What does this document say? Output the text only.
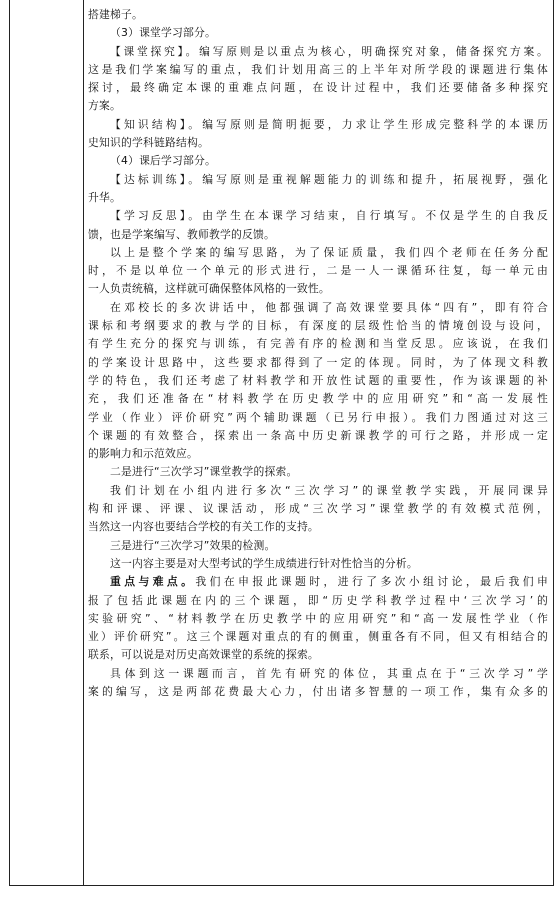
搭建梯子。
（3）课堂学习部分。
【课堂探究】。编写原则是以重点为核心，明确探究对象，储备探究方案。
这是我们学案编写的重点，我们计划用高三的上半年对所学段的课题进行集体
探讨，最终确定本课的重难点问题，在设计过程中，我们还要储备多种探究
方案。
【知识结构】。编写原则是简明扼要，力求让学生形成完整科学的本课历
史知识的学科链路结构。
（4）课后学习部分。
【达标训练】。编写原则是重视解题能力的训练和提升，拓展视野，强化
升华。
【学习反思】。由学生在本课学习结束，自行填写。不仅是学生的自我反
馈，也是学案编写、教师教学的反馈。
以上是整个学案的编写思路，为了保证质量，我们四个老师在任务分配
时，不是以单位一个单元的形式进行，二是一人一课循环往复，每一单元由
一人负责统稿，这样就可确保整体风格的一致性。
在邓校长的多次讲话中，他都强调了高效课堂要具体“四有”，即有符合
课标和考纲要求的教与学的目标，有深度的层级性恰当的情境创设与设问，
有学生充分的探究与训练，有完善有序的检测和当堂反思。应该说，在我们
的学案设计思路中，这些要求都得到了一定的体现。同时，为了体现文科教
学的特色，我们还考虑了材料教学和开放性试题的重要性，作为该课题的补
充，我们还准备在“材料教学在历史教学中的应用研究”和“高一发展性
学业（作业）评价研究”两个辅助课题（已另行申报）。我们力图通过对这三
个课题的有效整合，探索出一条高中历史新课教学的可行之路，并形成一定
的影响力和示范效应。
二是进行“三次学习”课堂教学的探索。
我们计划在小组内进行多次“三次学习”的课堂教学实践，开展同课异
构和评课、评课、议课活动，形成“三次学习”课堂教学的有效模式范例，
当然这一内容也要结合学校的有关工作的支持。
三是进行“三次学习”效果的检测。
这一内容主要是对大型考试的学生成绩进行针对性恰当的分析。
重点与难点。我们在申报此课题时，进行了多次小组讨论，最后我们申
报了包括此课题在内的三个课题，即“历史学科教学过程中‘三次学习’的
实验研究”、“材料教学在历史教学中的应用研究”和“高一发展性学业（作
业）评价研究”。这三个课题对重点的有的侧重，侧重各有不同，但又有相结合的
联系，可以说是对历史高效课堂的系统的探索。
具体到这一课题而言，首先有研究的体位，其重点在于“三次学习”学
案的编写，这是两部花费最大心力，付出诸多智慧的一项工作，集有众多的
